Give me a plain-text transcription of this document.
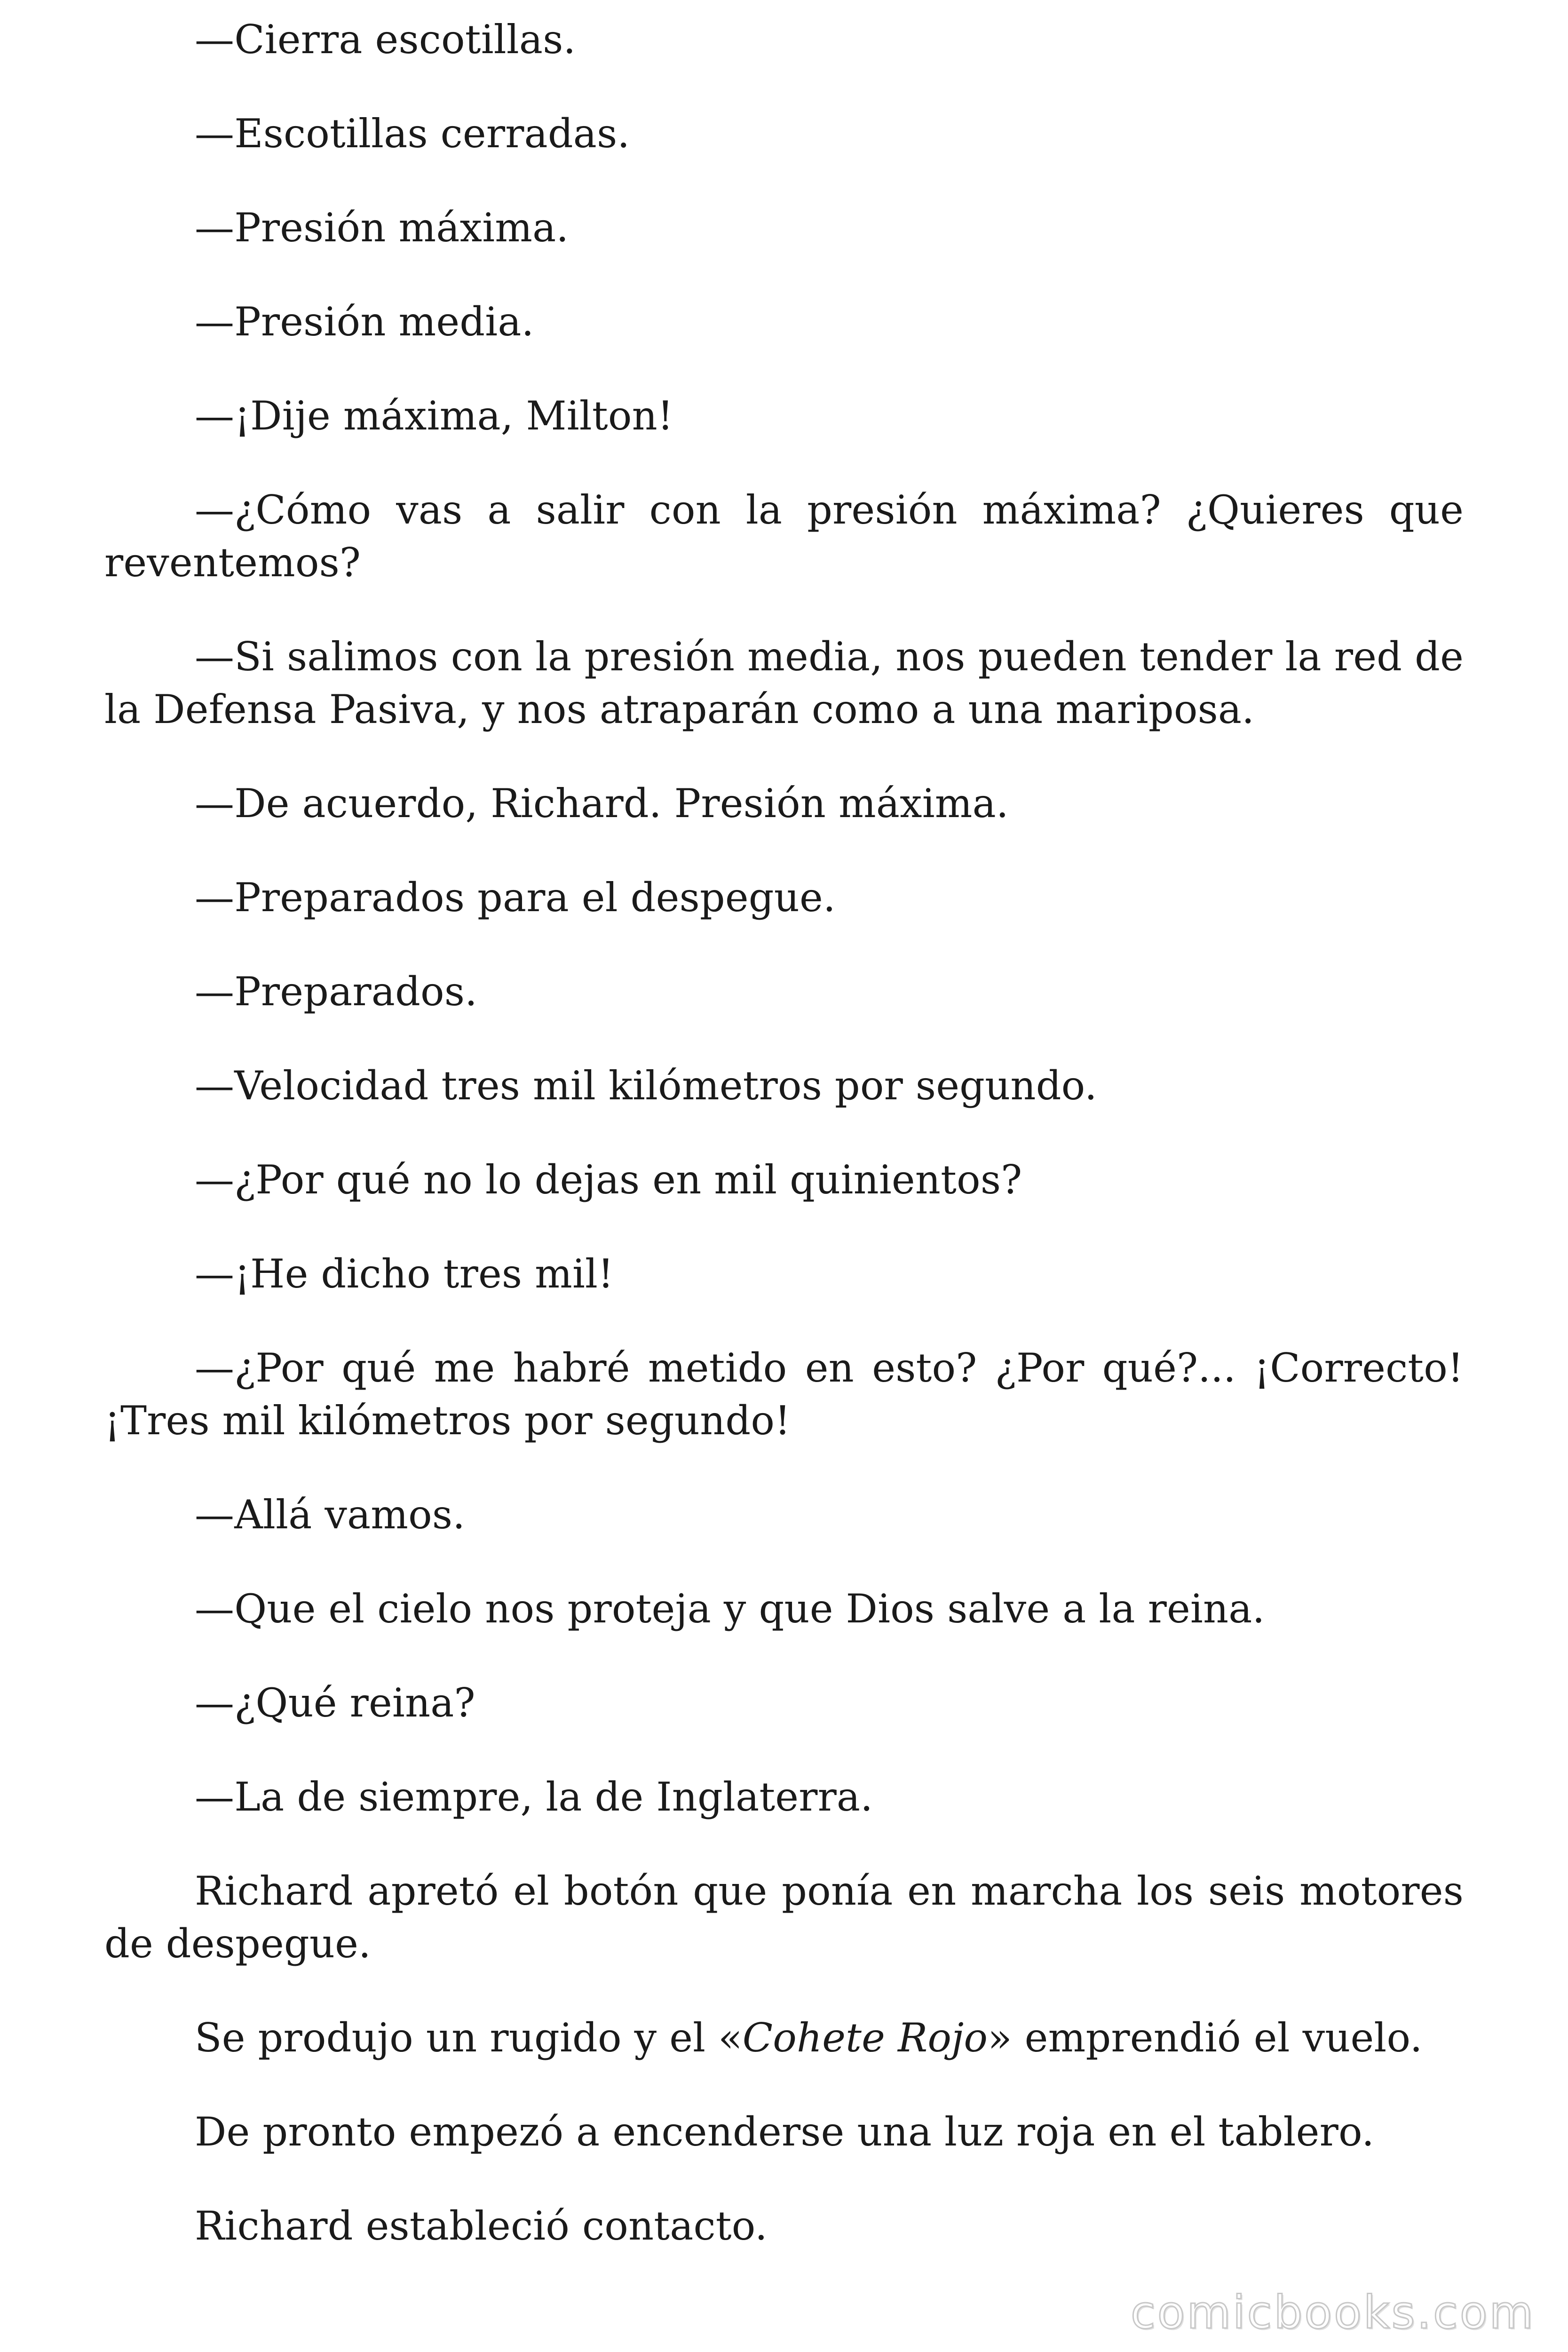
—Cierra escotillas.

—Escotillas cerradas.

—Presión máxima.

—Presión media.

—¡Dije máxima, Milton!

—¿Cómo vas a salir con la presión máxima? ¿Quieres que reventemos?

—Si salimos con la presión media, nos pueden tender la red de la Defensa Pasiva, y nos atraparán como a una mariposa.

—De acuerdo, Richard. Presión máxima.

—Preparados para el despegue.

—Preparados.

—Velocidad tres mil kilómetros por segundo.

—¿Por qué no lo dejas en mil quinientos?

—¡He dicho tres mil!

—¿Por qué me habré metido en esto? ¿Por qué?... ¡Correcto! ¡Tres mil kilómetros por segundo!

—Allá vamos.

—Que el cielo nos proteja y que Dios salve a la reina.

—¿Qué reina?

—La de siempre, la de Inglaterra.

Richard apretó el botón que ponía en marcha los seis motores de despegue.

Se produjo un rugido y el «Cohete Rojo» emprendió el vuelo.

De pronto empezó a encenderse una luz roja en el tablero.

Richard estableció contacto.

comicbooks.com
